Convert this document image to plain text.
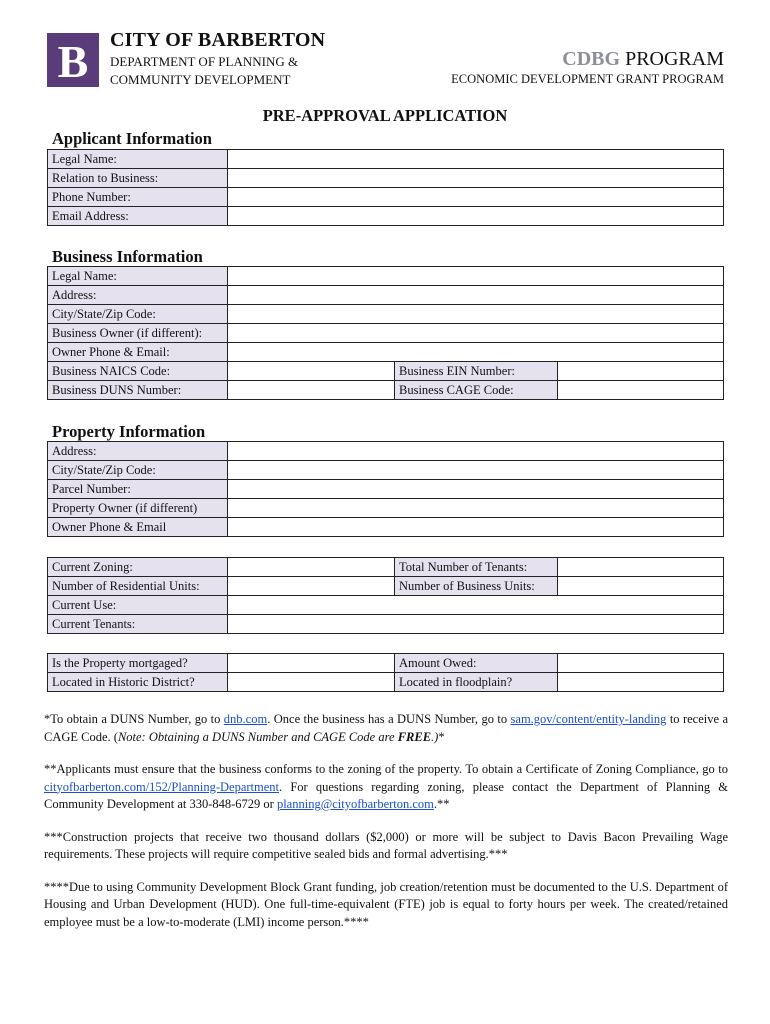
B CITY OF BARBERTON
DEPARTMENT OF PLANNING &
COMMUNITY DEVELOPMENT
CDBG PROGRAM
ECONOMIC DEVELOPMENT GRANT PROGRAM
PRE-APPROVAL APPLICATION
Applicant Information
Legal Name:	
Relation to Business:	
Phone Number:	
Email Address:	
Business Information
Legal Name:			
Address:			
City/State/Zip Code:			
Business Owner (if different):			
Owner Phone & Email:			
Business NAICS Code:		Business EIN Number:	
Business DUNS Number:		Business CAGE Code:	
Property Information
Address:	
City/State/Zip Code:	
Parcel Number:	
Property Owner (if different)	
Owner Phone & Email	
Current Zoning:		Total Number of Tenants:	
Number of Residential Units:		Number of Business Units:	
Current Use:			
Current Tenants:			
Is the Property mortgaged?		Amount Owed:	
Located in Historic District?		Located in floodplain?	

*To obtain a DUNS Number, go to dnb.com. Once the business has a DUNS Number, go to sam.gov/content/entity-landing to receive a CAGE Code. (Note: Obtaining a DUNS Number and CAGE Code are FREE.)*

**Applicants must ensure that the business conforms to the zoning of the property. To obtain a Certificate of Zoning Compliance, go to cityofbarberton.com/152/Planning-Department. For questions regarding zoning, please contact the Department of Planning & Community Development at 330-848-6729 or planning@cityofbarberton.com.**

***Construction projects that receive two thousand dollars ($2,000) or more will be subject to Davis Bacon Prevailing Wage requirements. These projects will require competitive sealed bids and formal advertising.***

****Due to using Community Development Block Grant funding, job creation/retention must be documented to the U.S. Department of Housing and Urban Development (HUD). One full-time-equivalent (FTE) job is equal to forty hours per week. The created/retained employee must be a low-to-moderate (LMI) income person.****
